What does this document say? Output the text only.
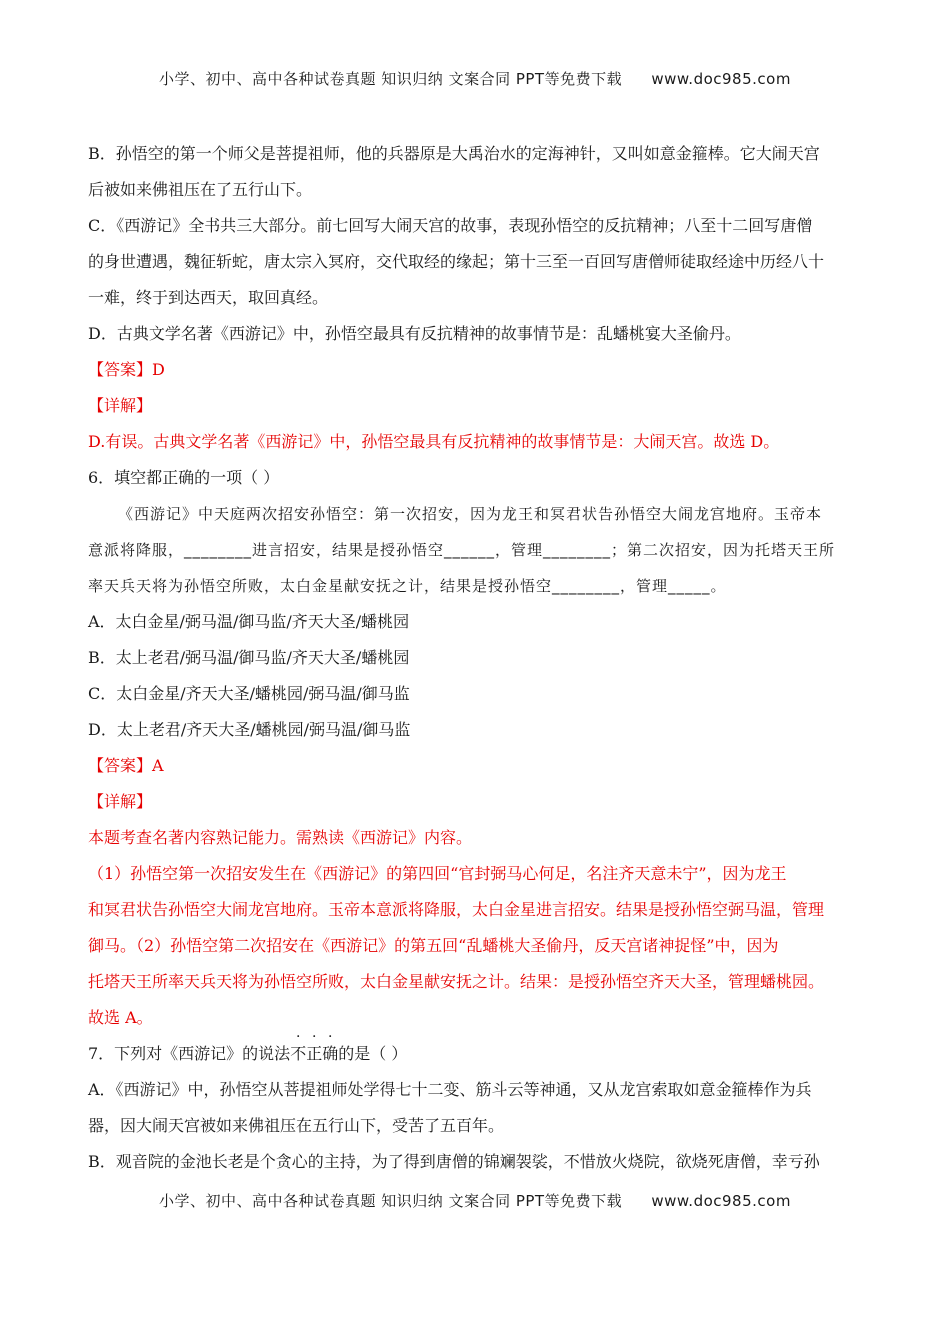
小学、初中、高中各种试卷真题 知识归纳 文案合同 PPT等免费下载 www.doc985.com

B．孙悟空的第一个师父是菩提祖师，他的兵器原是大禹治水的定海神针，又叫如意金箍棒。它大闹天宫

后被如来佛祖压在了五行山下。

C．《西游记》全书共三大部分。前七回写大闹天宫的故事，表现孙悟空的反抗精神；八至十二回写唐僧

的身世遭遇，魏征斩蛇，唐太宗入冥府，交代取经的缘起；第十三至一百回写唐僧师徒取经途中历经八十

一难，终于到达西天，取回真经。

D．古典文学名著《西游记》中，孙悟空最具有反抗精神的故事情节是：乱蟠桃宴大圣偷丹。

【答案】D

【详解】

D.有误。古典文学名著《西游记》中，孙悟空最具有反抗精神的故事情节是：大闹天宫。故选 D。

6．填空都正确的一项（ ）

《西游记》中天庭两次招安孙悟空：第一次招安，因为龙王和冥君状告孙悟空大闹龙宫地府。玉帝本

意派将降服，________进言招安，结果是授孙悟空______，管理________；第二次招安，因为托塔天王所

率天兵天将为孙悟空所败，太白金星献安抚之计，结果是授孙悟空________，管理_____。

A．太白金星/弼马温/御马监/齐天大圣/蟠桃园

B．太上老君/弼马温/御马监/齐天大圣/蟠桃园

C．太白金星/齐天大圣/蟠桃园/弼马温/御马监

D．太上老君/齐天大圣/蟠桃园/弼马温/御马监

【答案】A

【详解】

本题考查名著内容熟记能力。需熟读《西游记》内容。

（1）孙悟空第一次招安发生在《西游记》的第四回“官封弼马心何足，名注齐天意未宁”，因为龙王

和冥君状告孙悟空大闹龙宫地府。玉帝本意派将降服，太白金星进言招安。结果是授孙悟空弼马温，管理

御马。（2）孙悟空第二次招安在《西游记》的第五回“乱蟠桃大圣偷丹，反天宫诸神捉怪”中，因为

托塔天王所率天兵天将为孙悟空所败，太白金星献安抚之计。结果：是授孙悟空齐天大圣，管理蟠桃园。

故选 A。

7．下列对《西游记》的说法不正确的是（ ）

A．《西游记》中，孙悟空从菩提祖师处学得七十二变、筋斗云等神通，又从龙宫索取如意金箍棒作为兵

器，因大闹天宫被如来佛祖压在五行山下，受苦了五百年。

B．观音院的金池长老是个贪心的主持，为了得到唐僧的锦斓袈裟，不惜放火烧院，欲烧死唐僧，幸亏孙

小学、初中、高中各种试卷真题 知识归纳 文案合同 PPT等免费下载 www.doc985.com
